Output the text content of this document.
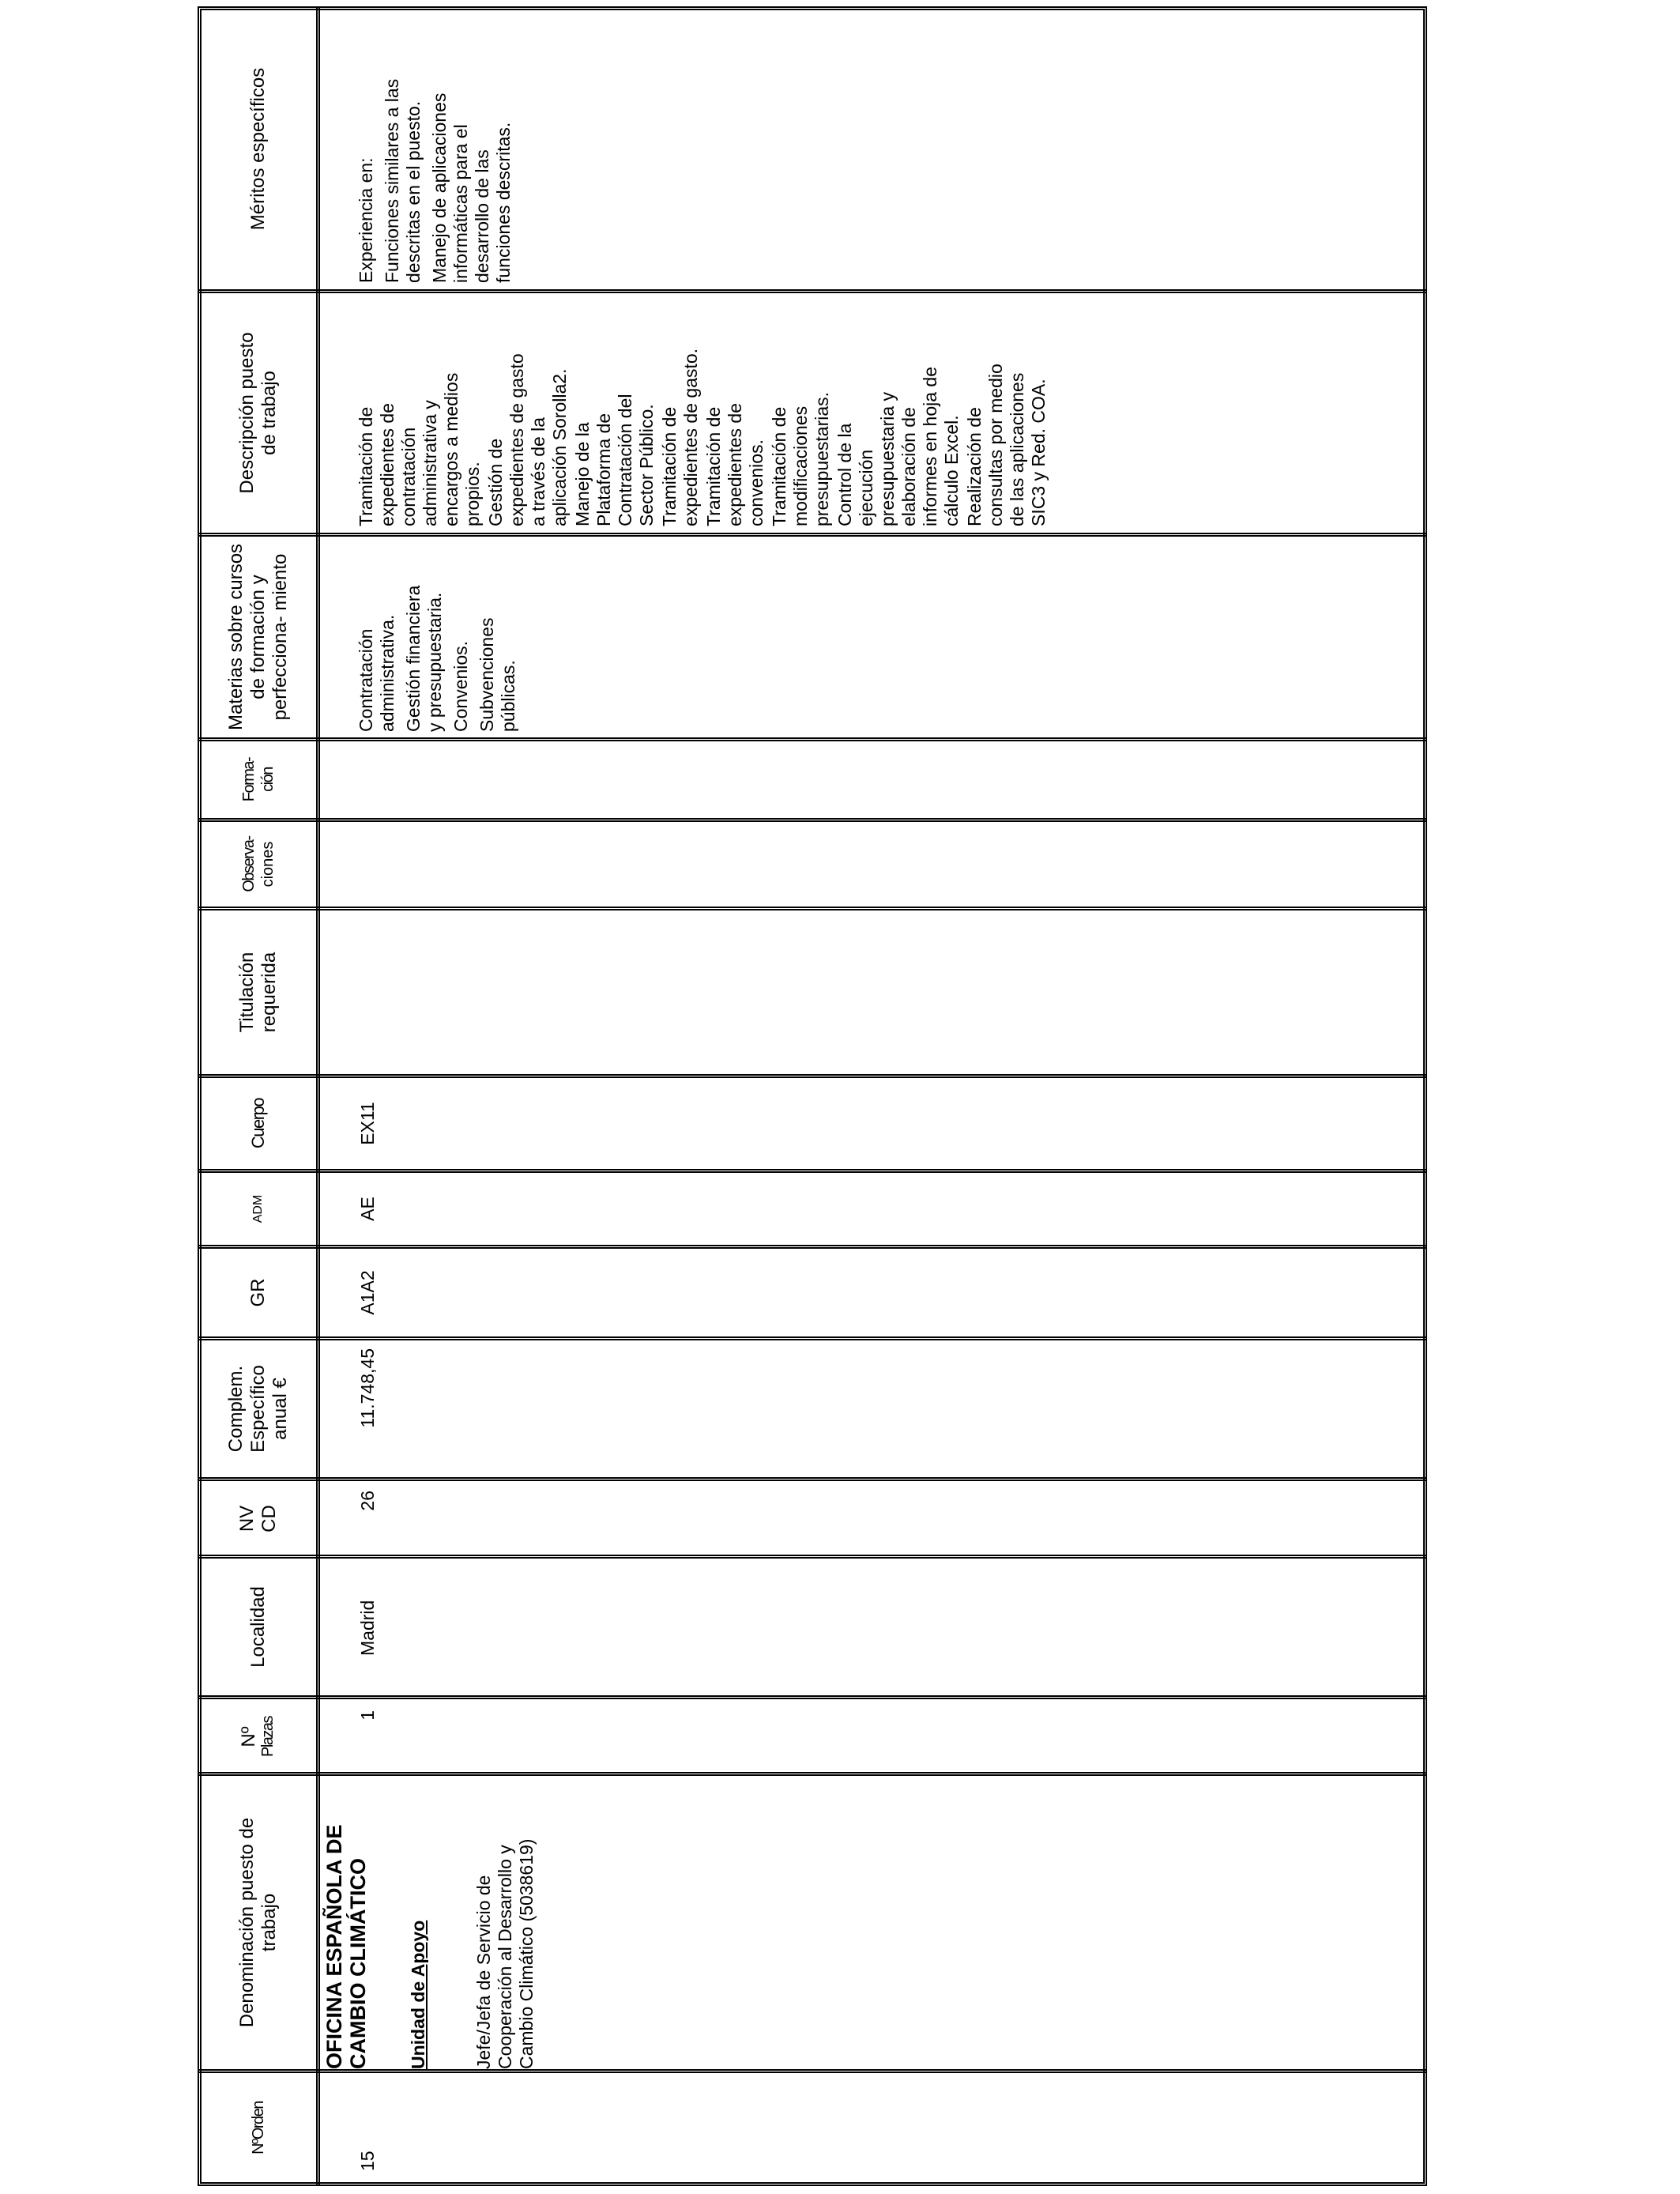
NºOrden
Denominación puesto de trabajo
Nº Plazas
Localidad
NV CD
Complem. Específico anual €
GR
ADM
Cuerpo
Titulación requerida
Observa- ciones
Forma- ción
Materias sobre cursos de formación y perfecciona- miento
Descripción puesto de trabajo
Méritos específicos
15
OFICINA ESPAÑOLA DE CAMBIO CLIMÁTICO Unidad de Apoyo Jefe/Jefa de Servicio de Cooperación al Desarrollo y Cambio Climático (5038619)
1
Madrid
26
11.748,45
A1A2
AE
EX11
Contratación administrativa. Gestión financiera y presupuestaria. Convenios. Subvenciones públicas.
Tramitación de expedientes de contratación administrativa y encargos a medios propios. Gestión de expedientes de gasto a través de la aplicación Sorolla2. Manejo de la Plataforma de Contratación del Sector Público. Tramitación de expedientes de gasto. Tramitación de expedientes de convenios. Tramitación de modificaciones presupuestarias. Control de la ejecución presupuestaria y elaboración de informes en hoja de cálculo Excel. Realización de consultas por medio de las aplicaciones SIC3 y Red. COA.
Experiencia en: Funciones similares a las descritas en el puesto. Manejo de aplicaciones informáticas para el desarrollo de las funciones descritas.
